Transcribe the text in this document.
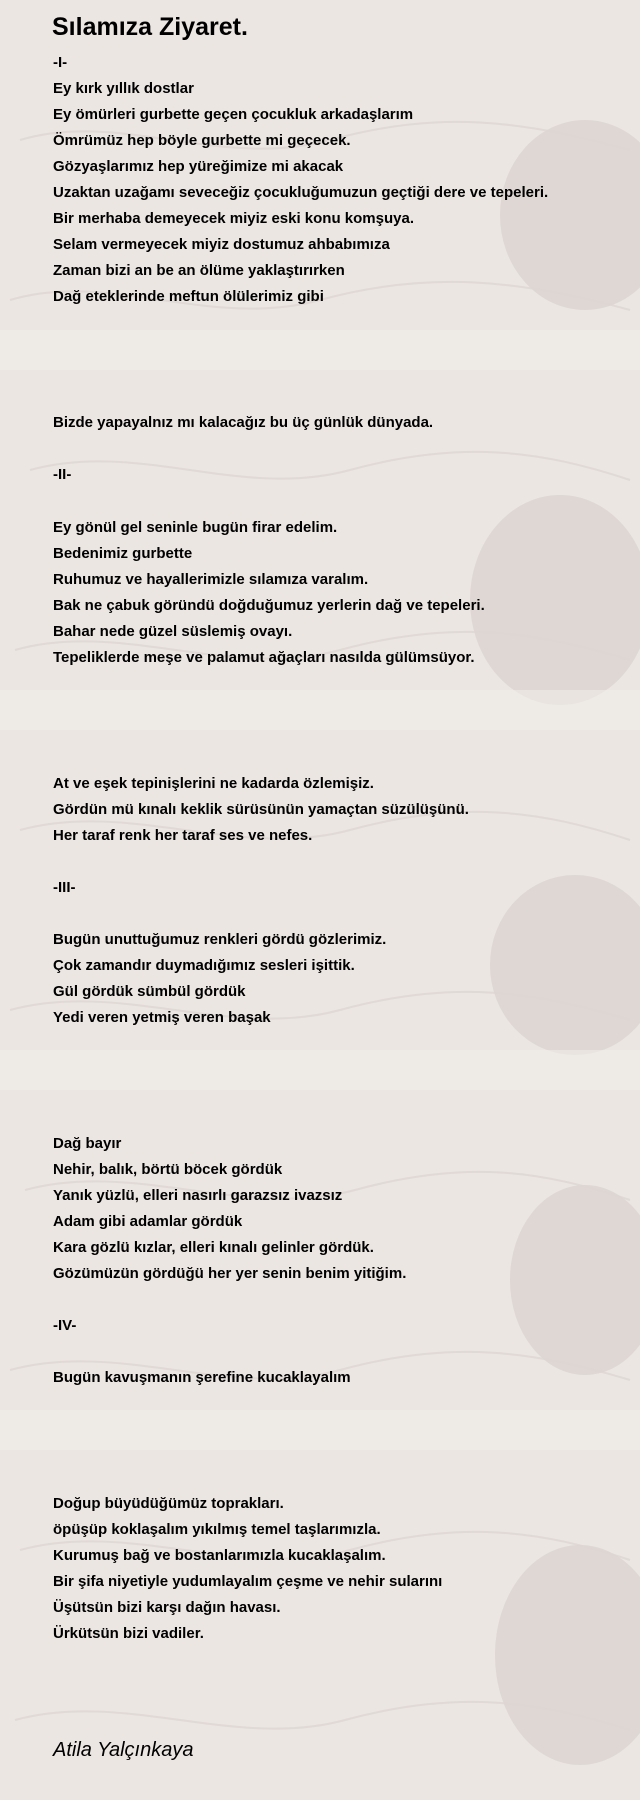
Sılamıza Ziyaret.
-I-
Ey kırk yıllık dostlar
Ey ömürleri gurbette geçen çocukluk arkadaşlarım
Ömrümüz hep böyle gurbette mi geçecek.
Gözyaşlarımız hep yüreğimize mi akacak
Uzaktan uzağamı seveceğiz çocukluğumuzun geçtiği dere ve tepeleri.
Bir merhaba demeyecek miyiz eski konu komşuya.
Selam vermeyecek miyiz dostumuz ahbabımıza
Zaman bizi an be an ölüme yaklaştırırken
Dağ eteklerinde meftun ölülerimiz gibi
Bizde yapayalnız mı kalacağız bu üç günlük dünyada.
-II-
Ey gönül gel seninle bugün firar edelim.
Bedenimiz gurbette
Ruhumuz ve hayallerimizle sılamıza varalım.
Bak ne çabuk göründü doğduğumuz yerlerin dağ ve tepeleri.
Bahar nede güzel süslemiş ovayı.
Tepeliklerde meşe ve palamut ağaçları nasılda gülümsüyor.
At ve eşek tepinişlerini ne kadarda özlemişiz.
Gördün mü kınalı keklik sürüsünün yamaçtan süzülüşünü.
Her taraf renk her taraf ses ve nefes.
-III-
Bugün unuttuğumuz renkleri gördü gözlerimiz.
Çok zamandır duymadığımız sesleri işittik.
Gül gördük sümbül gördük
Yedi veren yetmiş veren başak
Dağ bayır
Nehir, balık, börtü böcek gördük
Yanık yüzlü, elleri nasırlı garazsız ivazsız
Adam gibi adamlar gördük
Kara gözlü kızlar, elleri kınalı gelinler gördük.
Gözümüzün gördüğü her yer senin benim yitiğim.
-IV-
Bugün kavuşmanın şerefine kucaklayalım
Doğup büyüdüğümüz toprakları.
öpüşüp koklaşalım yıkılmış temel taşlarımızla.
Kurumuş bağ ve bostanlarımızla kucaklaşalım.
Bir şifa niyetiyle yudumlayalım çeşme ve nehir sularını
Üşütsün bizi karşı dağın havası.
Ürkütsün bizi vadiler.
Atila Yalçınkaya
